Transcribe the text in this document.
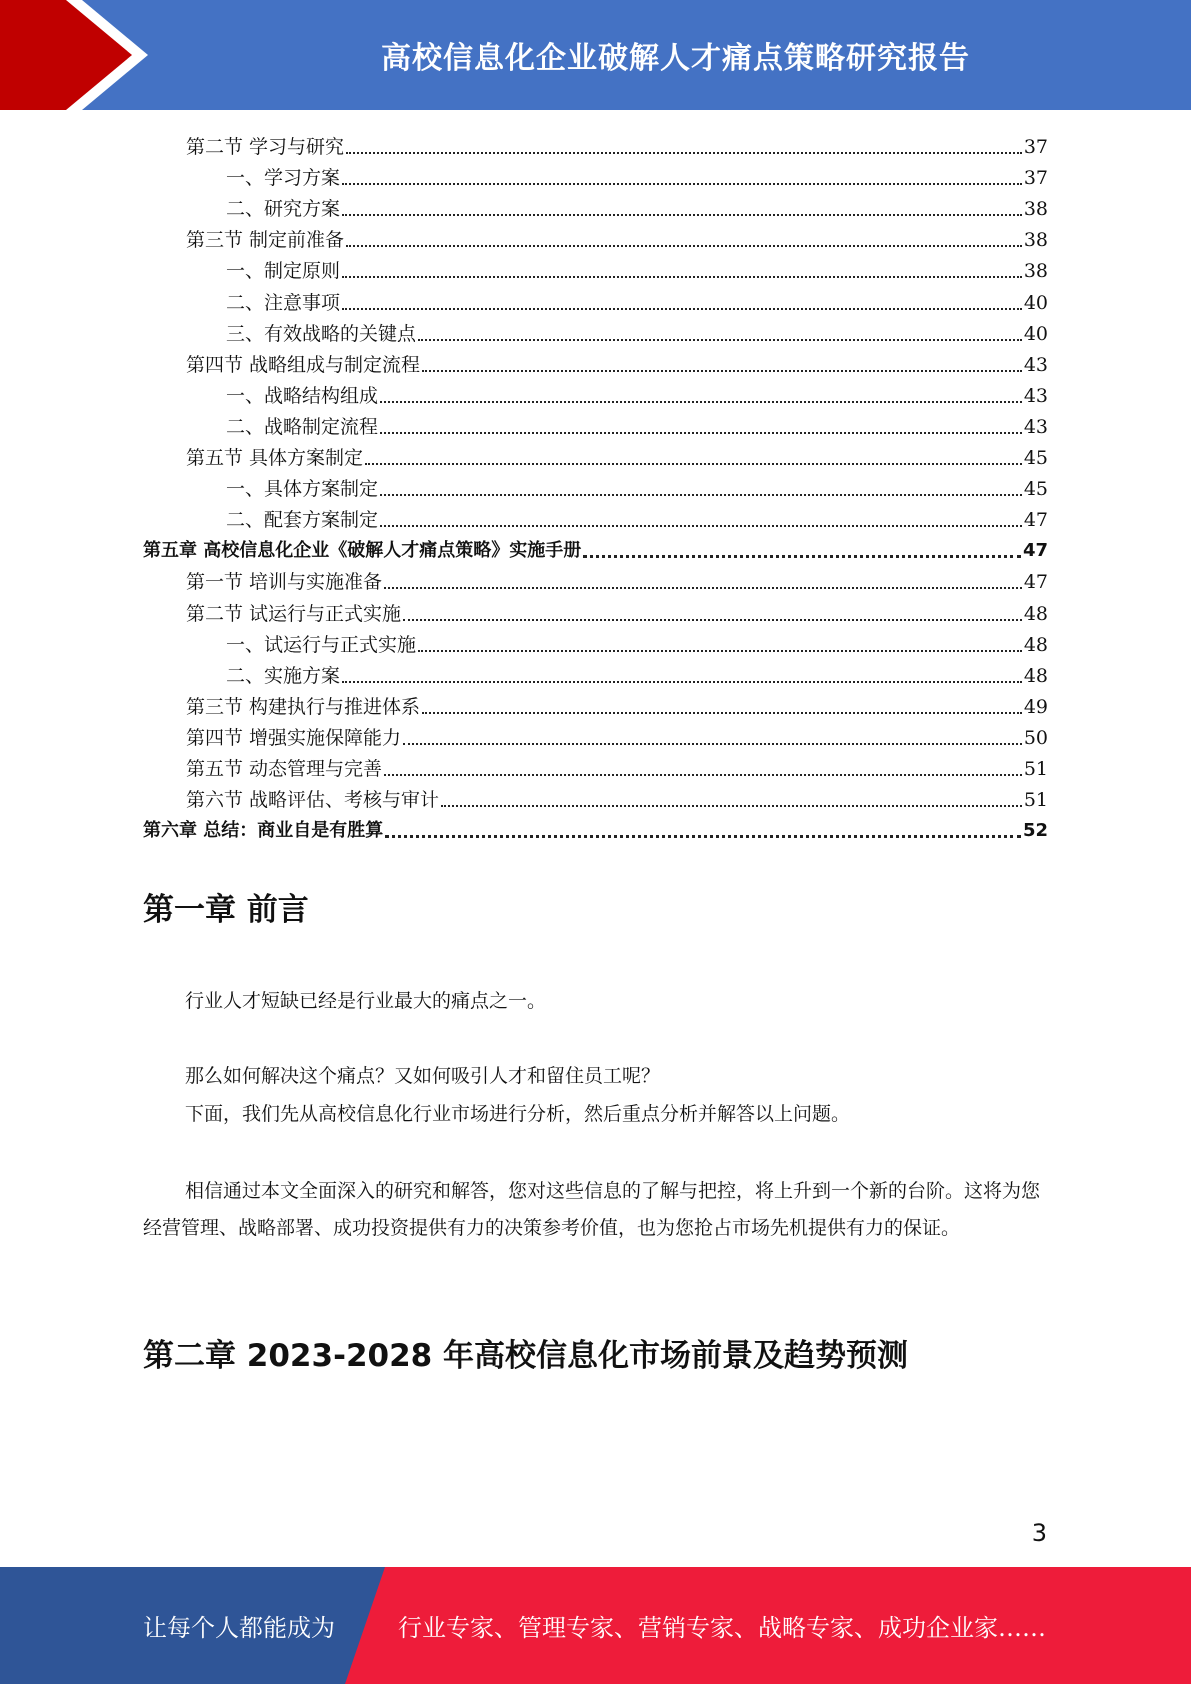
高校信息化企业破解人才痛点策略研究报告
第二节 学习与研究	37
一、学习方案	37
二、研究方案	38
第三节 制定前准备	38
一、制定原则	38
二、注意事项	40
三、有效战略的关键点	40
第四节 战略组成与制定流程	43
一、战略结构组成	43
二、战略制定流程	43
第五节 具体方案制定	45
一、具体方案制定	45
二、配套方案制定	47
第五章 高校信息化企业《破解人才痛点策略》实施手册	47
第一节 培训与实施准备	47
第二节 试运行与正式实施	48
一、试运行与正式实施	48
二、实施方案	48
第三节 构建执行与推进体系	49
第四节 增强实施保障能力	50
第五节 动态管理与完善	51
第六节 战略评估、考核与审计	51
第六章 总结：商业自是有胜算	52
第一章 前言

行业人才短缺已经是行业最大的痛点之一。

那么如何解决这个痛点？又如何吸引人才和留住员工呢？

下面，我们先从高校信息化行业市场进行分析，然后重点分析并解答以上问题。

相信通过本文全面深入的研究和解答，您对这些信息的了解与把控，将上升到一个新的台阶。这将为您经营管理、战略部署、成功投资提供有力的决策参考价值，也为您抢占市场先机提供有力的保证。

第二章 2023-2028 年高校信息化市场前景及趋势预测
3
让每个人都能成为	行业专家、管理专家、营销专家、战略专家、成功企业家……
